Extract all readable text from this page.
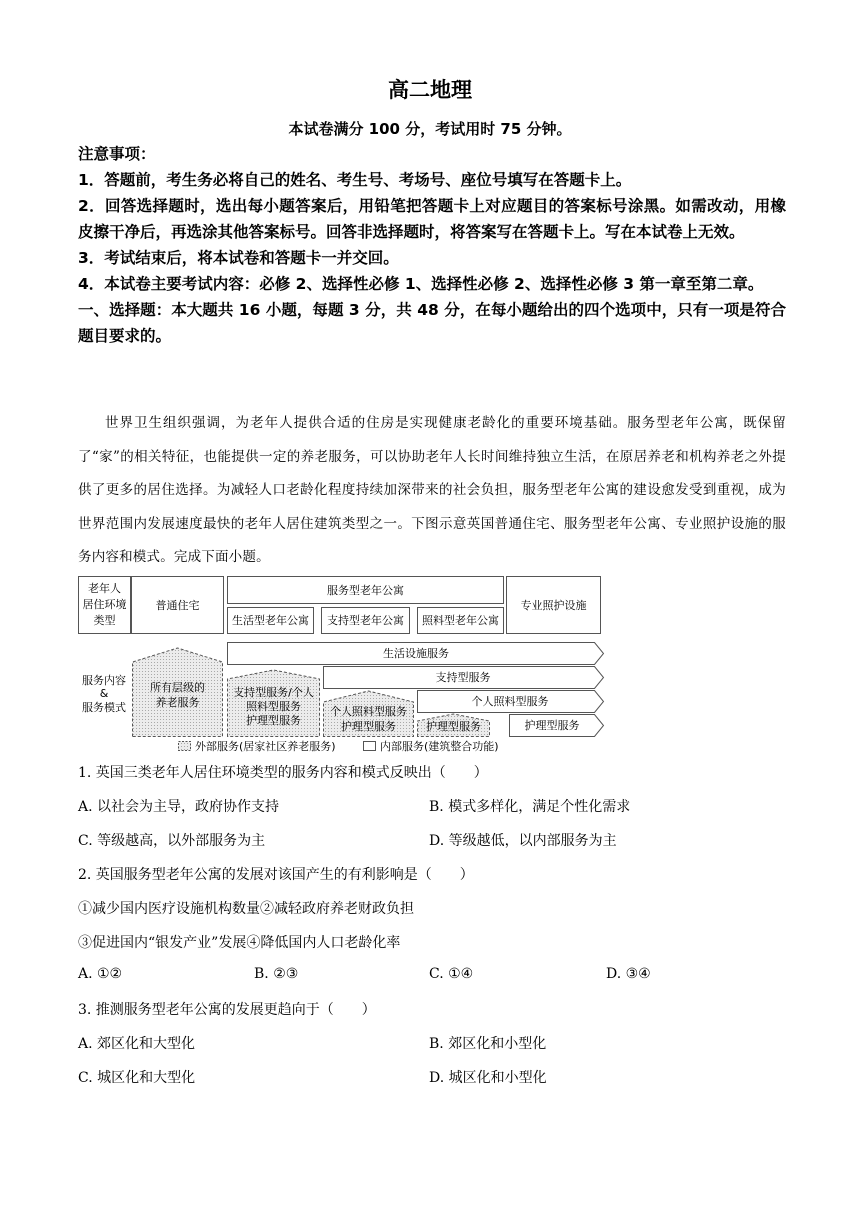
高二地理
本试卷满分 100 分，考试用时 75 分钟。

注意事项：

1．答题前，考生务必将自己的姓名、考生号、考场号、座位号填写在答题卡上。

2．回答选择题时，选出每小题答案后，用铅笔把答题卡上对应题目的答案标号涂黑。如需改动，用橡皮擦干净后，再选涂其他答案标号。回答非选择题时，将答案写在答题卡上。写在本试卷上无效。

3．考试结束后，将本试卷和答题卡一并交回。

4．本试卷主要考试内容：必修 2、选择性必修 1、选择性必修 2、选择性必修 3 第一章至第二章。

一、选择题：本大题共 16 小题，每题 3 分，共 48 分，在每小题给出的四个选项中，只有一项是符合题目要求的。

世界卫生组织强调，为老年人提供合适的住房是实现健康老龄化的重要环境基础。服务型老年公寓，既保留了“家”的相关特征，也能提供一定的养老服务，可以协助老年人长时间维持独立生活，在原居养老和机构养老之外提供了更多的居住选择。为减轻人口老龄化程度持续加深带来的社会负担，服务型老年公寓的建设愈发受到重视，成为世界范围内发展速度最快的老年人居住建筑类型之一。下图示意英国普通住宅、服务型老年公寓、专业照护设施的服务内容和模式。完成下面小题。

老年人
居住环境
类型
普通住宅
服务型老年公寓
生活型老年公寓 支持型老年公寓 照料型老年公寓
专业照护设施
服务内容
&
服务模式
所有层级的
养老服务
支持型服务/个人
照料型服务
护理型服务
个人照料型服务
护理型服务	护理型服务
生活设施服务
支持型服务
个人照料型服务
护理型服务
外部服务(居家社区养老服务)	内部服务(建筑整合功能)
1. 英国三类老年人居住环境类型的服务内容和模式反映出（　　）
A. 以社会为主导，政府协作支持	B. 模式多样化，满足个性化需求
C. 等级越高，以外部服务为主	D. 等级越低，以内部服务为主
2. 英国服务型老年公寓的发展对该国产生的有利影响是（　　）
①减少国内医疗设施机构数量②减轻政府养老财政负担
③促进国内“银发产业”发展④降低国内人口老龄化率
A. ①②	B. ②③	C. ①④	D. ③④
3. 推测服务型老年公寓的发展更趋向于（　　）
A. 郊区化和大型化	B. 郊区化和小型化
C. 城区化和大型化	D. 城区化和小型化
